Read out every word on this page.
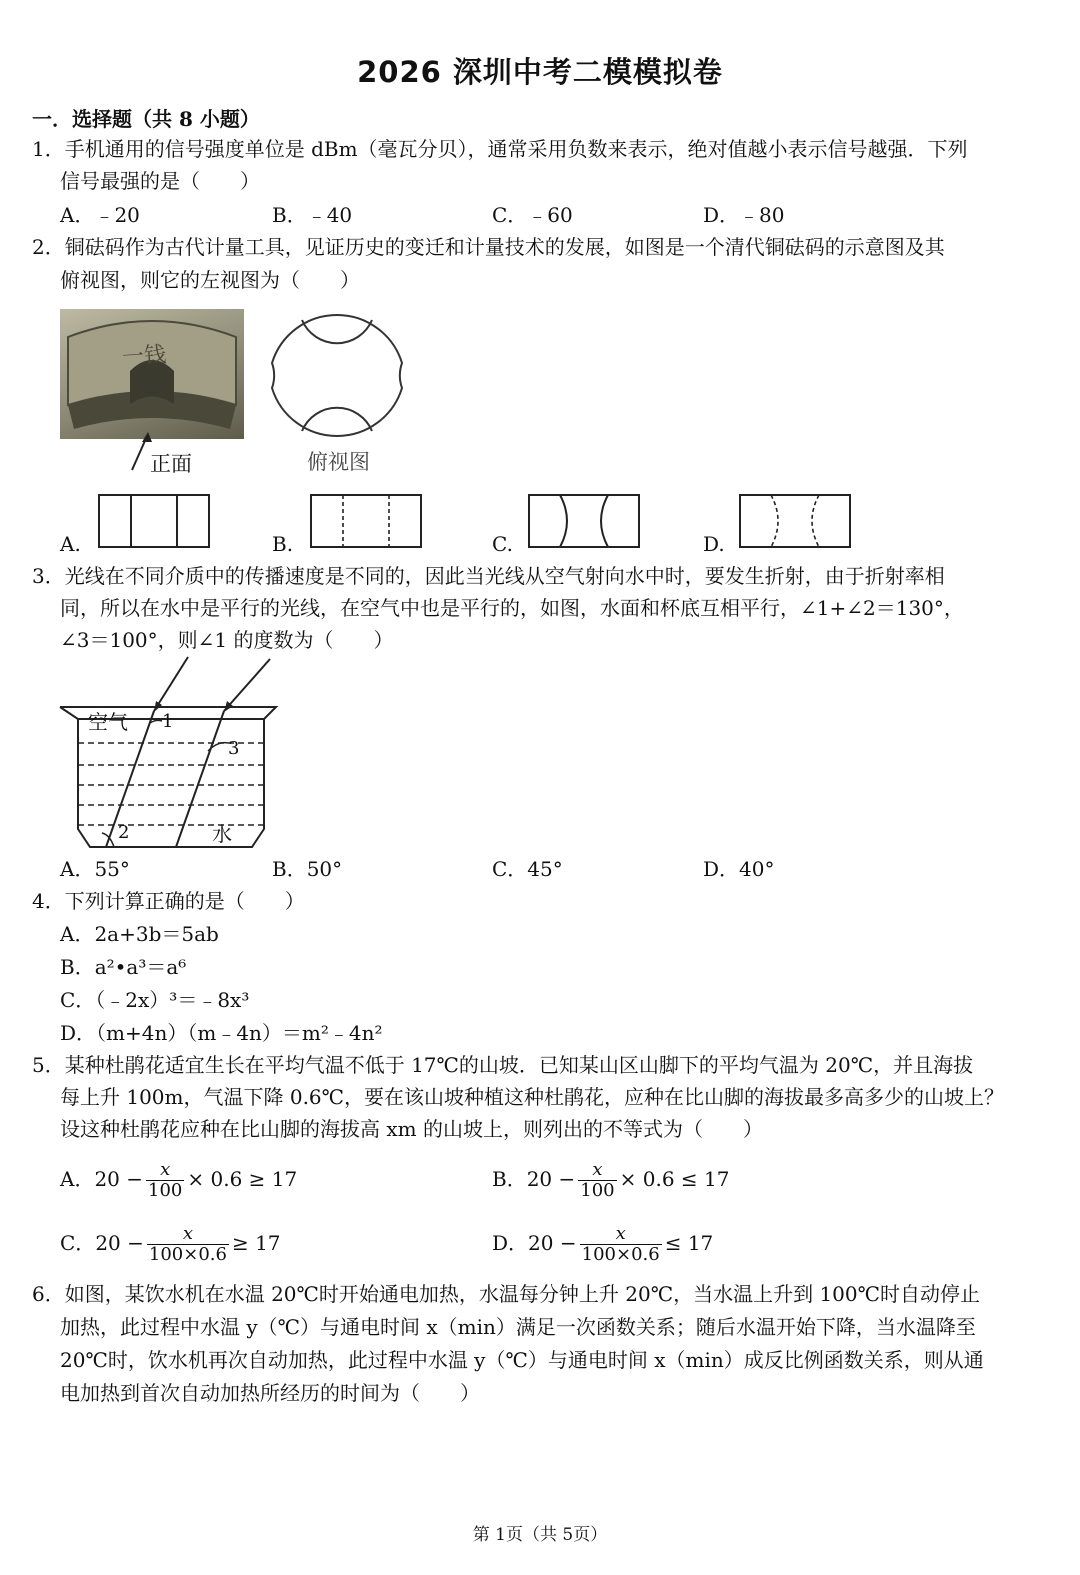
2026 深圳中考二模模拟卷
一．选择题（共 8 小题）
1．手机通用的信号强度单位是 dBm（毫瓦分贝），通常采用负数来表示，绝对值越小表示信号越强．下列
信号最强的是（　　）
A．﹣20	B．﹣40	C．﹣60	D．﹣80
2．铜砝码作为古代计量工具，见证历史的变迁和计量技术的发展，如图是一个清代铜砝码的示意图及其
俯视图，则它的左视图为（　　）
一钱
正面	俯视图
A.	B.	C.	D.
3．光线在不同介质中的传播速度是不同的，因此当光线从空气射向水中时，要发生折射，由于折射率相
同，所以在水中是平行的光线，在空气中也是平行的，如图，水面和杯底互相平行，∠1+∠2＝130°，
∠3＝100°，则∠1 的度数为（　　）
空气
水
1
2
3
A．55°	B．50°	C．45°	D．40°
4．下列计算正确的是（　　）
A．2a+3b＝5ab
B．a²•a³＝a⁶
C．（﹣2x）³＝﹣8x³
D．（m+4n）（m﹣4n）＝m²﹣4n²
5．某种杜鹃花适宜生长在平均气温不低于 17℃的山坡．已知某山区山脚下的平均气温为 20℃，并且海拔
每上升 100m，气温下降 0.6℃，要在该山坡种植这种杜鹃花，应种在比山脚的海拔最多高多少的山坡上？
设这种杜鹃花应种在比山脚的海拔高 xm 的山坡上，则列出的不等式为（　　）
A．$20 - \frac{x}{100} \times 0.6 \ge 17$	B．$20 - \frac{x}{100} \times 0.6 \le 17$
C．$20 - \frac{x}{100\times 0.6} \ge 17$	D．$20 - \frac{x}{100\times 0.6} \le 17$
6．如图，某饮水机在水温 20℃时开始通电加热，水温每分钟上升 20℃，当水温上升到 100℃时自动停止
加热，此过程中水温 y（℃）与通电时间 x（min）满足一次函数关系；随后水温开始下降，当水温降至
20℃时，饮水机再次自动加热，此过程中水温 y（℃）与通电时间 x（min）成反比例函数关系，则从通
电加热到首次自动加热所经历的时间为（　　）
第 1页（共 5页）
